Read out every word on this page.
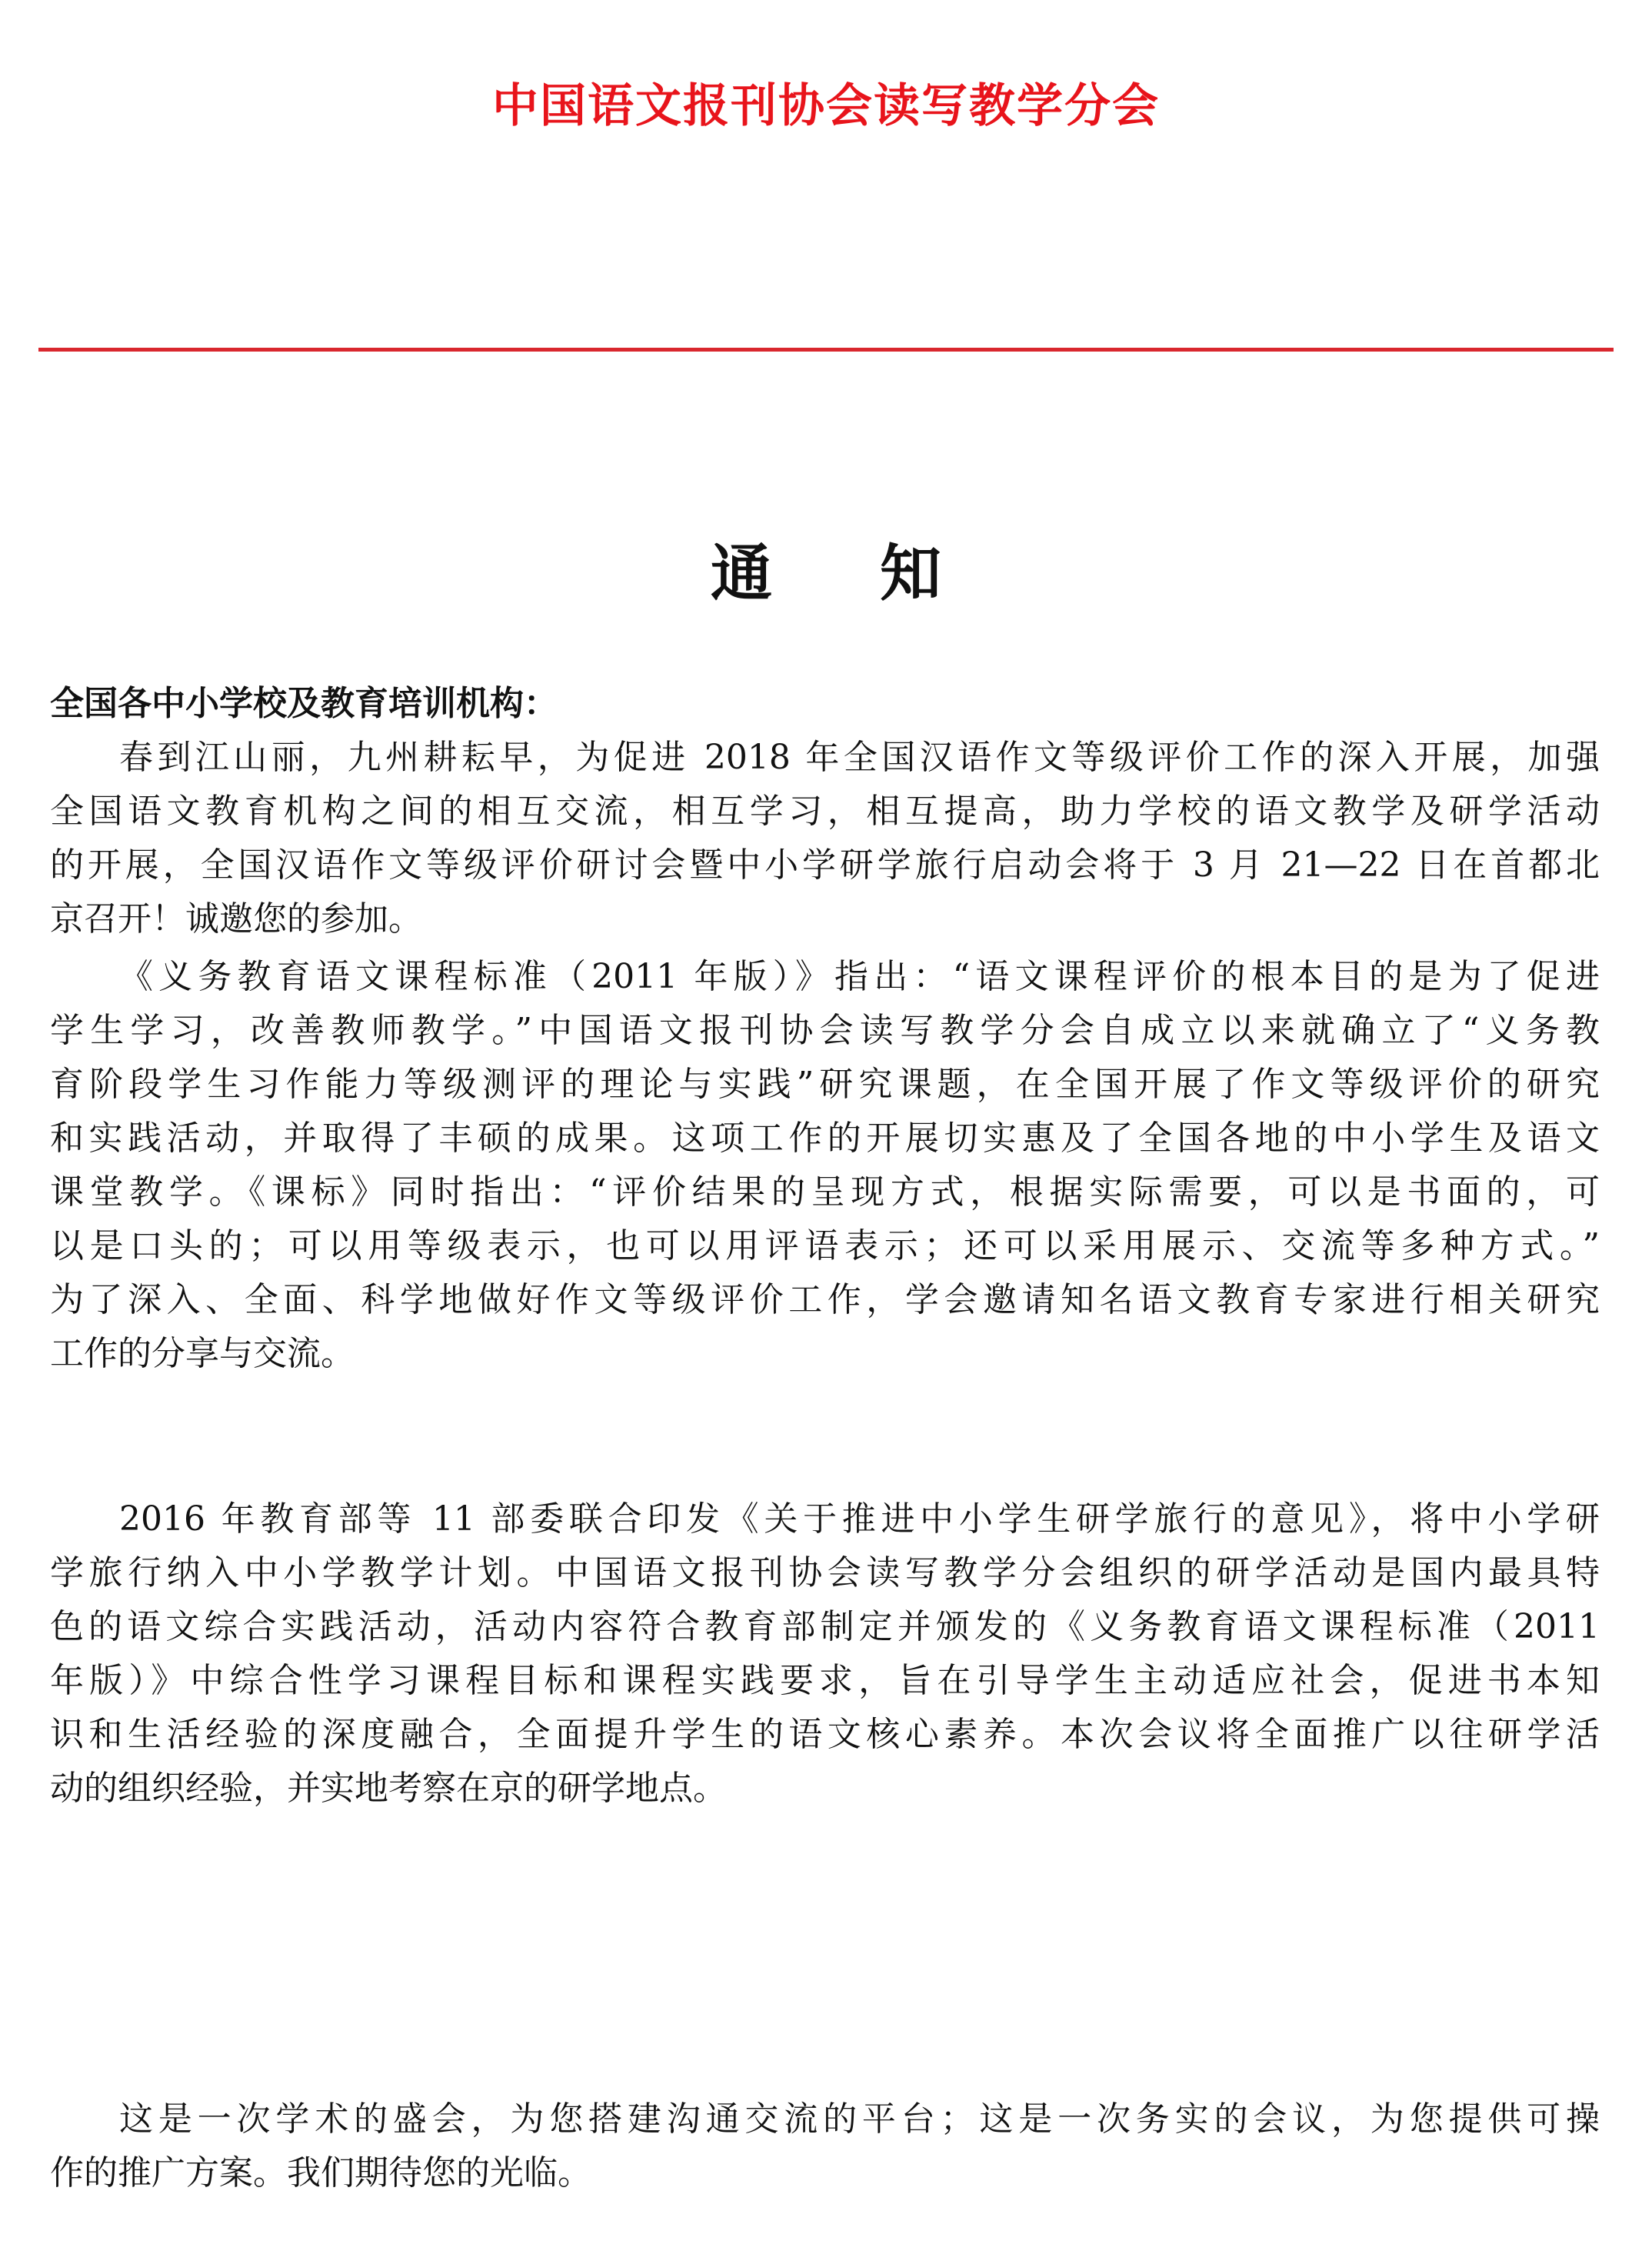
中国语文报刊协会读写教学分会
通 知
全国各中小学校及教育培训机构：
春到江山丽，九州耕耘早，为促进 2018 年全国汉语作文等级评价工作的深入开展，加强
全国语文教育机构之间的相互交流，相互学习，相互提高，助力学校的语文教学及研学活动
的开展，全国汉语作文等级评价研讨会暨中小学研学旅行启动会将于 3 月 21—22 日在首都北
京召开！诚邀您的参加。
《义务教育语文课程标准（2011 年版）》指出：“语文课程评价的根本目的是为了促进
学生学习，改善教师教学。”中国语文报刊协会读写教学分会自成立以来就确立了“义务教
育阶段学生习作能力等级测评的理论与实践”研究课题，在全国开展了作文等级评价的研究
和实践活动，并取得了丰硕的成果。这项工作的开展切实惠及了全国各地的中小学生及语文
课堂教学。《课标》同时指出：“评价结果的呈现方式，根据实际需要，可以是书面的，可
以是口头的；可以用等级表示，也可以用评语表示；还可以采用展示、交流等多种方式。”
为了深入、全面、科学地做好作文等级评价工作，学会邀请知名语文教育专家进行相关研究
工作的分享与交流。
2016 年教育部等 11 部委联合印发《关于推进中小学生研学旅行的意见》，将中小学研
学旅行纳入中小学教学计划。中国语文报刊协会读写教学分会组织的研学活动是国内最具特
色的语文综合实践活动，活动内容符合教育部制定并颁发的《义务教育语文课程标准（2011
年版）》中综合性学习课程目标和课程实践要求，旨在引导学生主动适应社会，促进书本知
识和生活经验的深度融合，全面提升学生的语文核心素养。本次会议将全面推广以往研学活
动的组织经验，并实地考察在京的研学地点。
这是一次学术的盛会，为您搭建沟通交流的平台；这是一次务实的会议，为您提供可操
作的推广方案。我们期待您的光临。
